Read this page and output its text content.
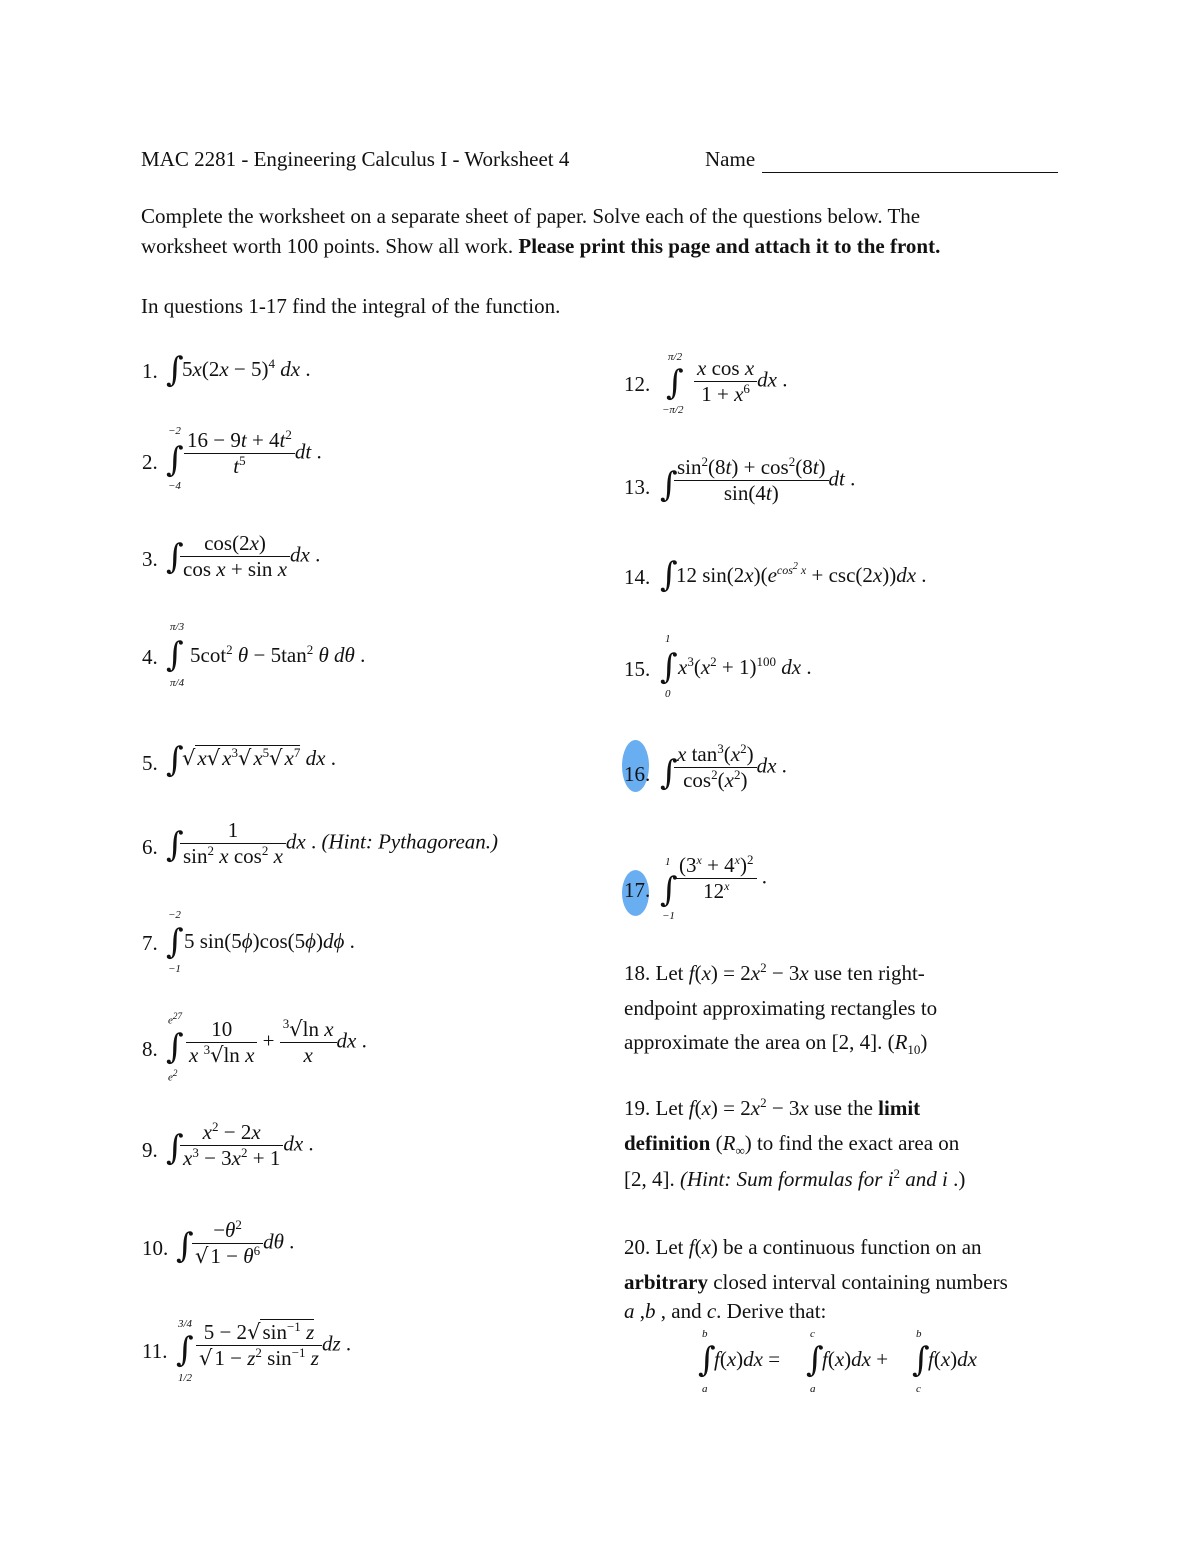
MAC 2281 - Engineering Calculus I - Worksheet 4	Name
Complete the worksheet on a separate sheet of paper. Solve each of the questions below. The
worksheet worth 100 points. Show all work. Please print this page and attach it to the front.
In questions 1-17 find the integral of the function.
1. ∫
$5x(2x - 5)^4$ dx .
2.
−2
∫
−4
$\frac{16 - 9t + 4t^2}{t^5}$ dt .
3. ∫
$\frac{\cos(2x)}{\text{cos x + sin x}}$ dx .
4.
π/3
∫
π/4
$5\cot^2$ $\theta - 5\tan^2$ θ dθ .
5. ∫
$√x√x^3√x^5√x^7$ dx .
6. ∫
$\frac{1}{\sin^2 x \cos^2 x}$ dx . (Hint: Pythagorean.)
7.
−2
∫
−1
5 sin(5ϕ)cos(5ϕ)dϕ .
8.
$e^{27}$
∫
$e^2$
$\frac{10}{x ^3√\ln x} + \frac{^3√\ln x}{x}$ dx .
9. ∫
$\frac{x^2 - 2x}{x^3 - 3x^2 + 1}$ dx .
10. ∫
$\frac{-\theta^2}{√1 - \theta^6}$ dθ .
11.
3/4
∫
1/2
$\frac{5 - 2√\sin^{-1} z}{√1 - z^2 \sin^{-1} z}$ dz .
12.
π/2
∫
−π/2
$\frac{\text{x cos x}}{1 + x^6}$ dx .
13. ∫
$\frac{\sin^2(8t) + \cos^2(8t)}{\sin(4t)}$ dt .
14. ∫
12 $\sin(2x)(e^{cos^2 x} + \csc(2x))dx$ .
15.
1
∫
0
$x^3(x^2 + 1)^{100}$ dx .
16. ∫
$\frac{x \tan^3(x^2)}{\cos^2(x^2)}$ dx .
17.
1
∫
−1
$\frac{(3^x + 4^x)^2}{12^x}$ .
18. Let $f(x) = 2x^2 - 3x$ use ten right-
endpoint approximating rectangles to
approximate the area on [2, 4]. $(R_{10})$
19. Let $f(x) = 2x^2 - 3x$ use the limit
definition $(R_\infty)$ to find the exact area on
[2, 4]. (Hint: Sum formulas for $i^2$ and i .)
20. Let f(x) be a continuous function on an
arbitrary closed interval containing numbers
a ,b , and c. Derive that:
b
∫
a
f(x)dx =
c
∫
a
f(x)dx +
b
∫
c
f(x)dx
